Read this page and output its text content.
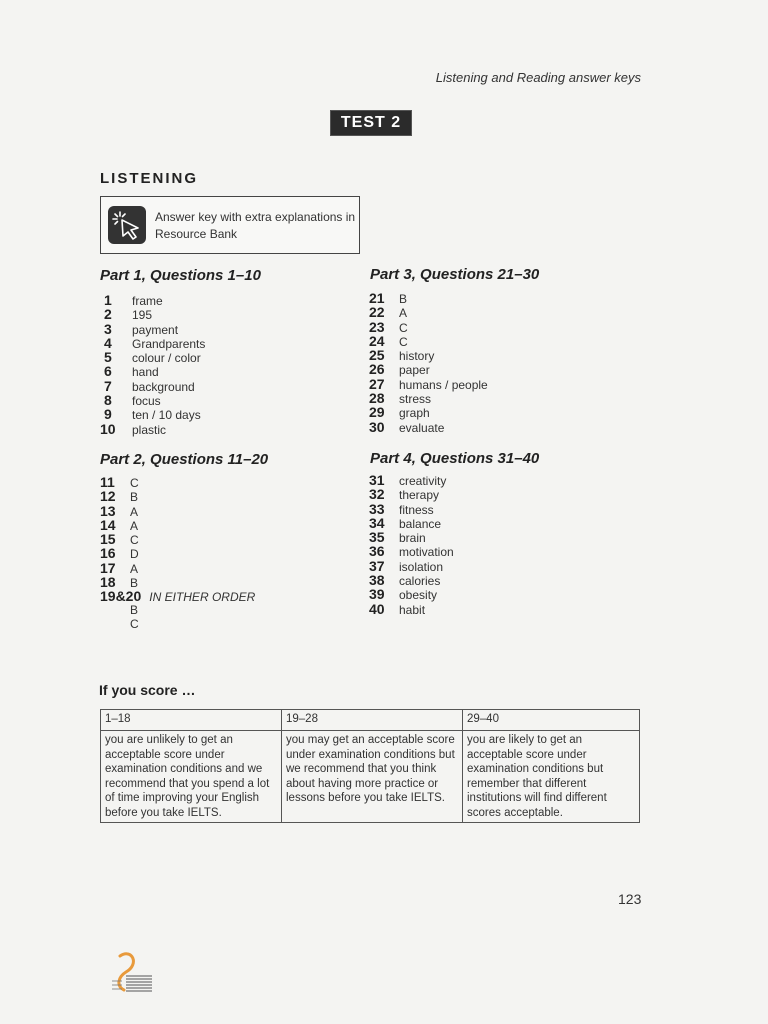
Listening and Reading answer keys
TEST 2
LISTENING
Answer key with extra explanations in Resource Bank
Part 1, Questions 1–10
1	frame
2	195
3	payment
4	Grandparents
5	colour / color
6	hand
7	background
8	focus
9	ten / 10 days
10	plastic
Part 2, Questions 11–20
11	C
12	B
13	A
14	A
15	C
16	D
17	A
18	B
19&20 IN EITHER ORDER
B
C
Part 3, Questions 21–30
21	B
22	A
23	C
24	C
25	history
26	paper
27	humans / people
28	stress
29	graph
30	evaluate
Part 4, Questions 31–40
31	creativity
32	therapy
33	fitness
34	balance
35	brain
36	motivation
37	isolation
38	calories
39	obesity
40	habit
If you score …
1–18	19–28	29–40
you are unlikely to get an acceptable score under examination conditions and we recommend that you spend a lot of time improving your English before you take IELTS.	you may get an acceptable score under examination conditions but we recommend that you think about having more practice or lessons before you take IELTS.	you are likely to get an acceptable score under examination conditions but remember that different institutions will find different scores acceptable.
123
